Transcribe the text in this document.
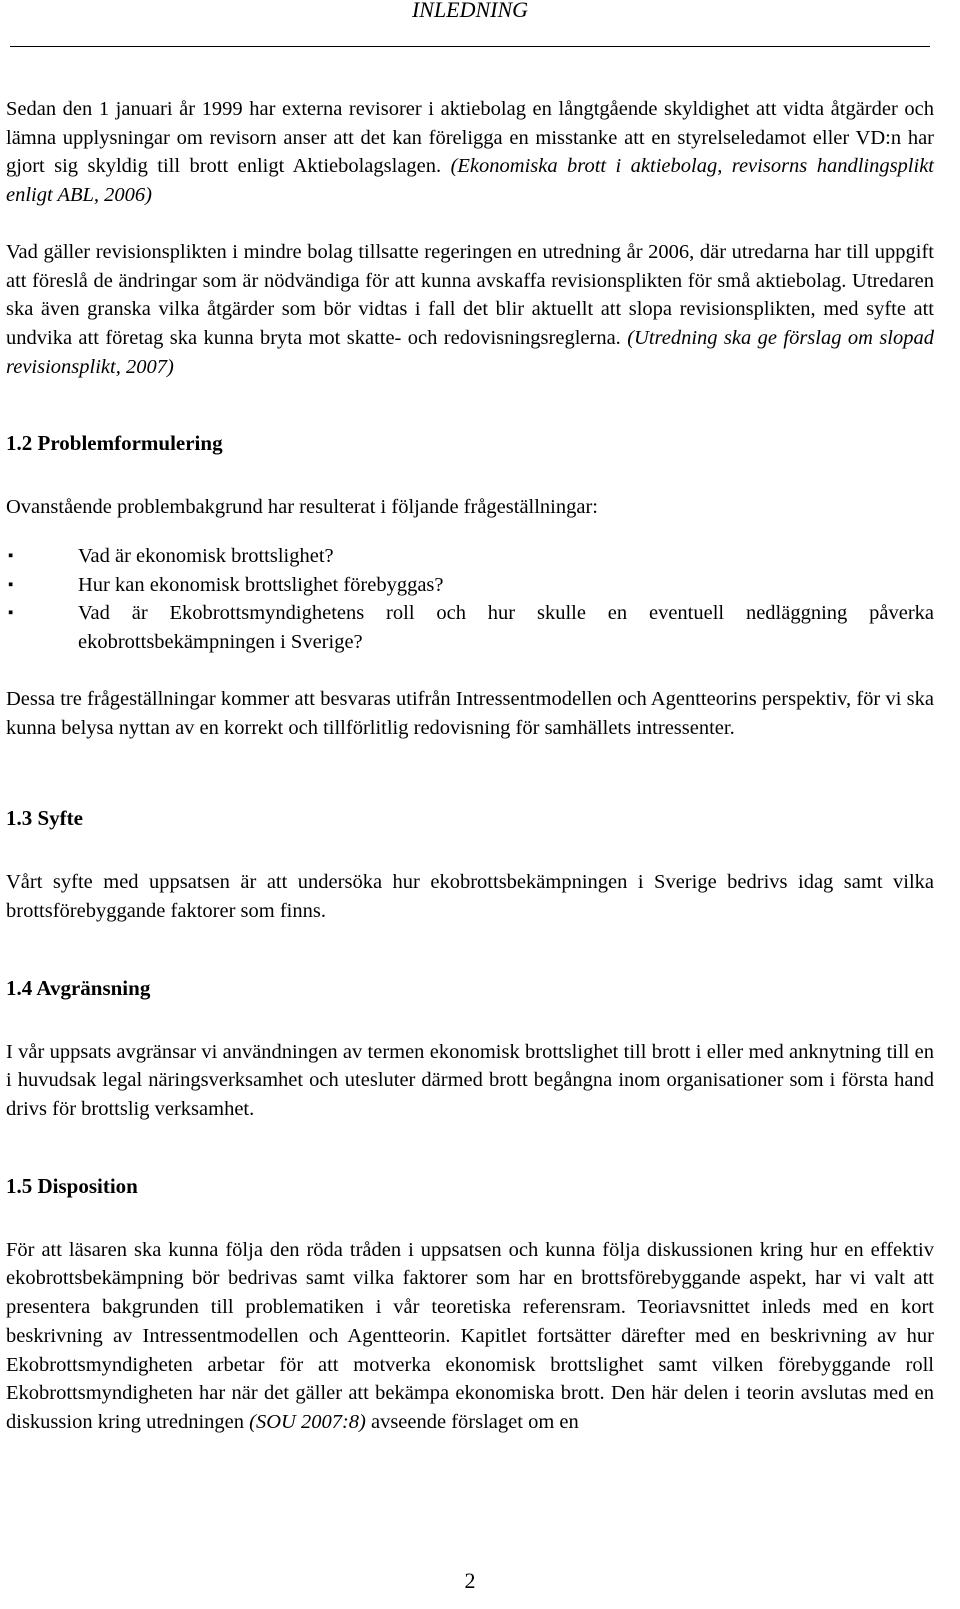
INLEDNING

Sedan den 1 januari år 1999 har externa revisorer i aktiebolag en långtgående skyldighet att vidta åtgärder och lämna upplysningar om revisorn anser att det kan föreligga en misstanke att en styrelseledamot eller VD:n har gjort sig skyldig till brott enligt Aktiebolagslagen. (Ekonomiska brott i aktiebolag, revisorns handlingsplikt enligt ABL, 2006)

Vad gäller revisionsplikten i mindre bolag tillsatte regeringen en utredning år 2006, där utredarna har till uppgift att föreslå de ändringar som är nödvändiga för att kunna avskaffa revisionsplikten för små aktiebolag. Utredaren ska även granska vilka åtgärder som bör vidtas i fall det blir aktuellt att slopa revisionsplikten, med syfte att undvika att företag ska kunna bryta mot skatte- och redovisningsreglerna. (Utredning ska ge förslag om slopad revisionsplikt, 2007)

1.2 Problemformulering

Ovanstående problembakgrund har resulterat i följande frågeställningar:

▪	Vad är ekonomisk brottslighet?
▪	Hur kan ekonomisk brottslighet förebyggas?
▪	Vad är Ekobrottsmyndighetens roll och hur skulle en eventuell nedläggning påverka ekobrottsbekämpningen i Sverige?

Dessa tre frågeställningar kommer att besvaras utifrån Intressentmodellen och Agentteorins perspektiv, för vi ska kunna belysa nyttan av en korrekt och tillförlitlig redovisning för samhällets intressenter.

1.3 Syfte

Vårt syfte med uppsatsen är att undersöka hur ekobrottsbekämpningen i Sverige bedrivs idag samt vilka brottsförebyggande faktorer som finns.

1.4 Avgränsning

I vår uppsats avgränsar vi användningen av termen ekonomisk brottslighet till brott i eller med anknytning till en i huvudsak legal näringsverksamhet och utesluter därmed brott begångna inom organisationer som i första hand drivs för brottslig verksamhet.

1.5 Disposition

För att läsaren ska kunna följa den röda tråden i uppsatsen och kunna följa diskussionen kring hur en effektiv ekobrottsbekämpning bör bedrivas samt vilka faktorer som har en brottsförebyggande aspekt, har vi valt att presentera bakgrunden till problematiken i vår teoretiska referensram. Teoriavsnittet inleds med en kort beskrivning av Intressentmodellen och Agentteorin. Kapitlet fortsätter därefter med en beskrivning av hur Ekobrottsmyndigheten arbetar för att motverka ekonomisk brottslighet samt vilken förebyggande roll Ekobrottsmyndigheten har när det gäller att bekämpa ekonomiska brott. Den här delen i teorin avslutas med en diskussion kring utredningen (SOU 2007:8) avseende förslaget om en

2
